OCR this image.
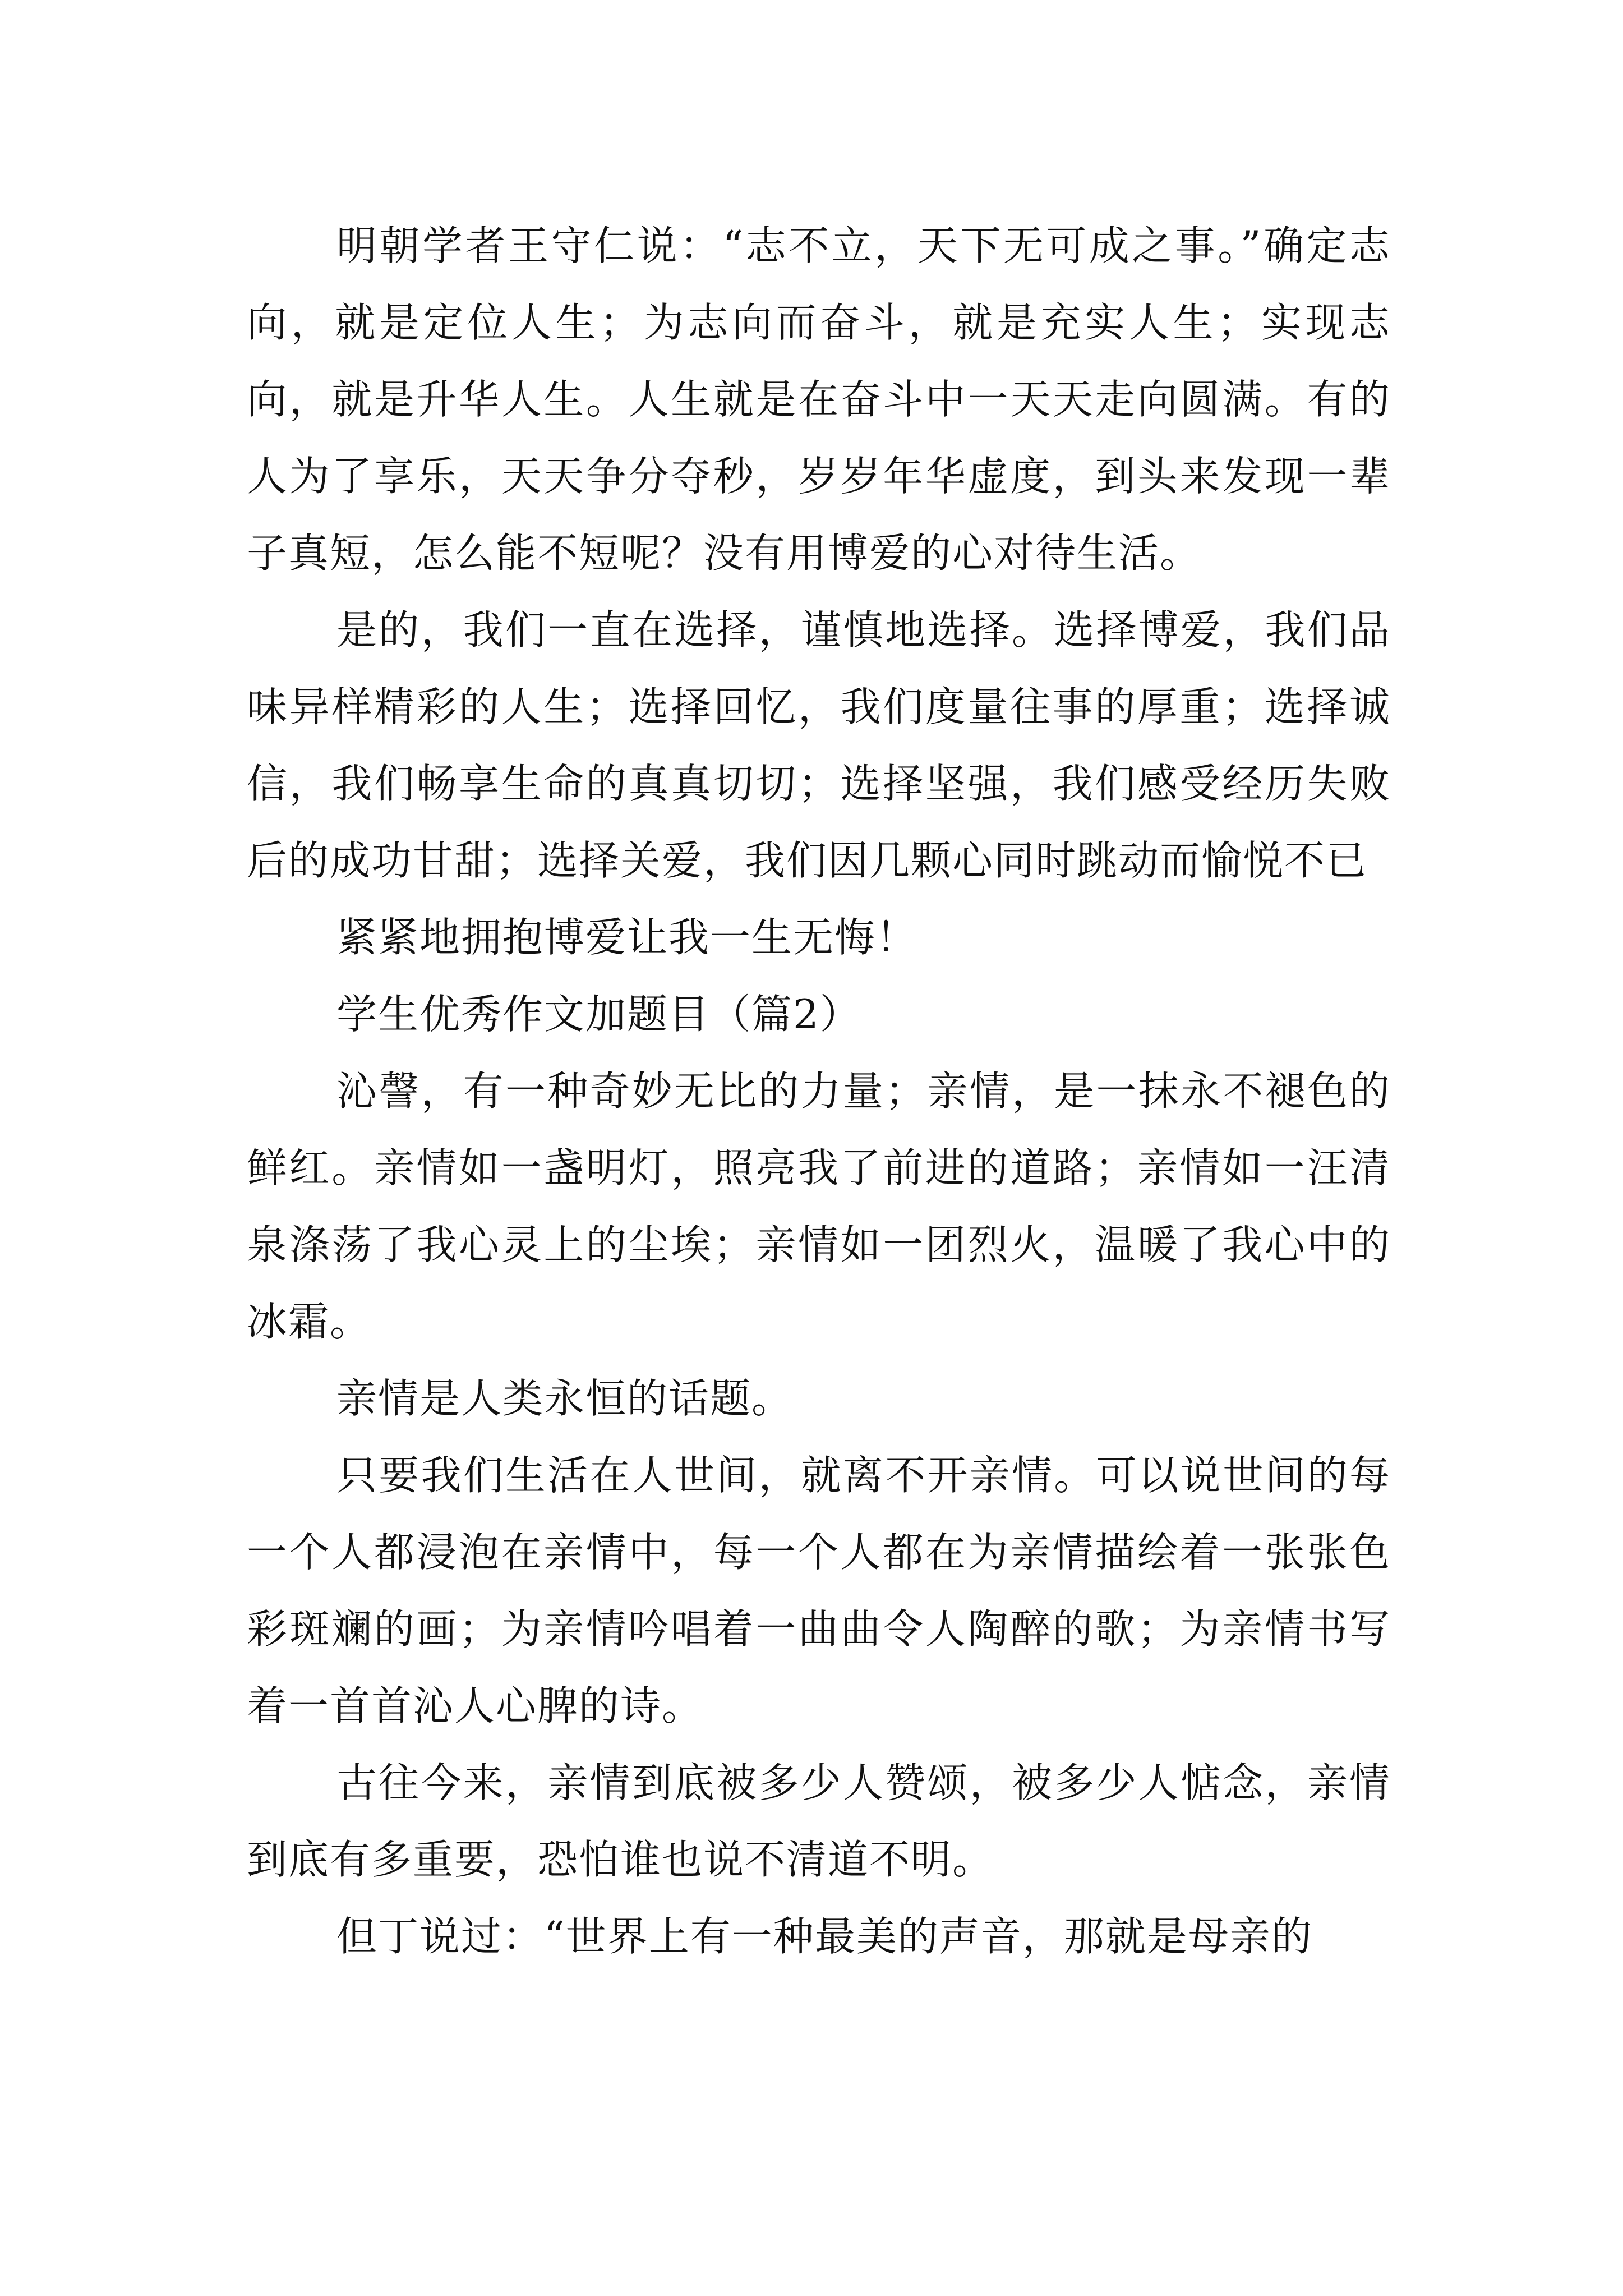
明朝学者王守仁说：“志不立，天下无可成之事。”确定志向，就是定位人生；为志向而奋斗，就是充实人生；实现志向，就是升华人生。人生就是在奋斗中一天天走向圆满。有的人为了享乐，天天争分夺秒，岁岁年华虚度，到头来发现一辈子真短，怎么能不短呢？没有用博爱的心对待生活。

是的，我们一直在选择，谨慎地选择。选择博爱，我们品味异样精彩的人生；选择回忆，我们度量往事的厚重；选择诚信，我们畅享生命的真真切切；选择坚强，我们感受经历失败后的成功甘甜；选择关爱，我们因几颗心同时跳动而愉悦不已

紧紧地拥抱博爱让我一生无悔！

学生优秀作文加题目（篇2）

沁謦，有一种奇妙无比的力量；亲情，是一抹永不褪色的鲜红。亲情如一盏明灯，照亮我了前进的道路；亲情如一汪清泉涤荡了我心灵上的尘埃；亲情如一团烈火，温暖了我心中的冰霜。

亲情是人类永恒的话题。

只要我们生活在人世间，就离不开亲情。可以说世间的每一个人都浸泡在亲情中，每一个人都在为亲情描绘着一张张色彩斑斓的画；为亲情吟唱着一曲曲令人陶醉的歌；为亲情书写着一首首沁人心脾的诗。

古往今来，亲情到底被多少人赞颂，被多少人惦念，亲情到底有多重要，恐怕谁也说不清道不明。

但丁说过：“世界上有一种最美的声音，那就是母亲的
